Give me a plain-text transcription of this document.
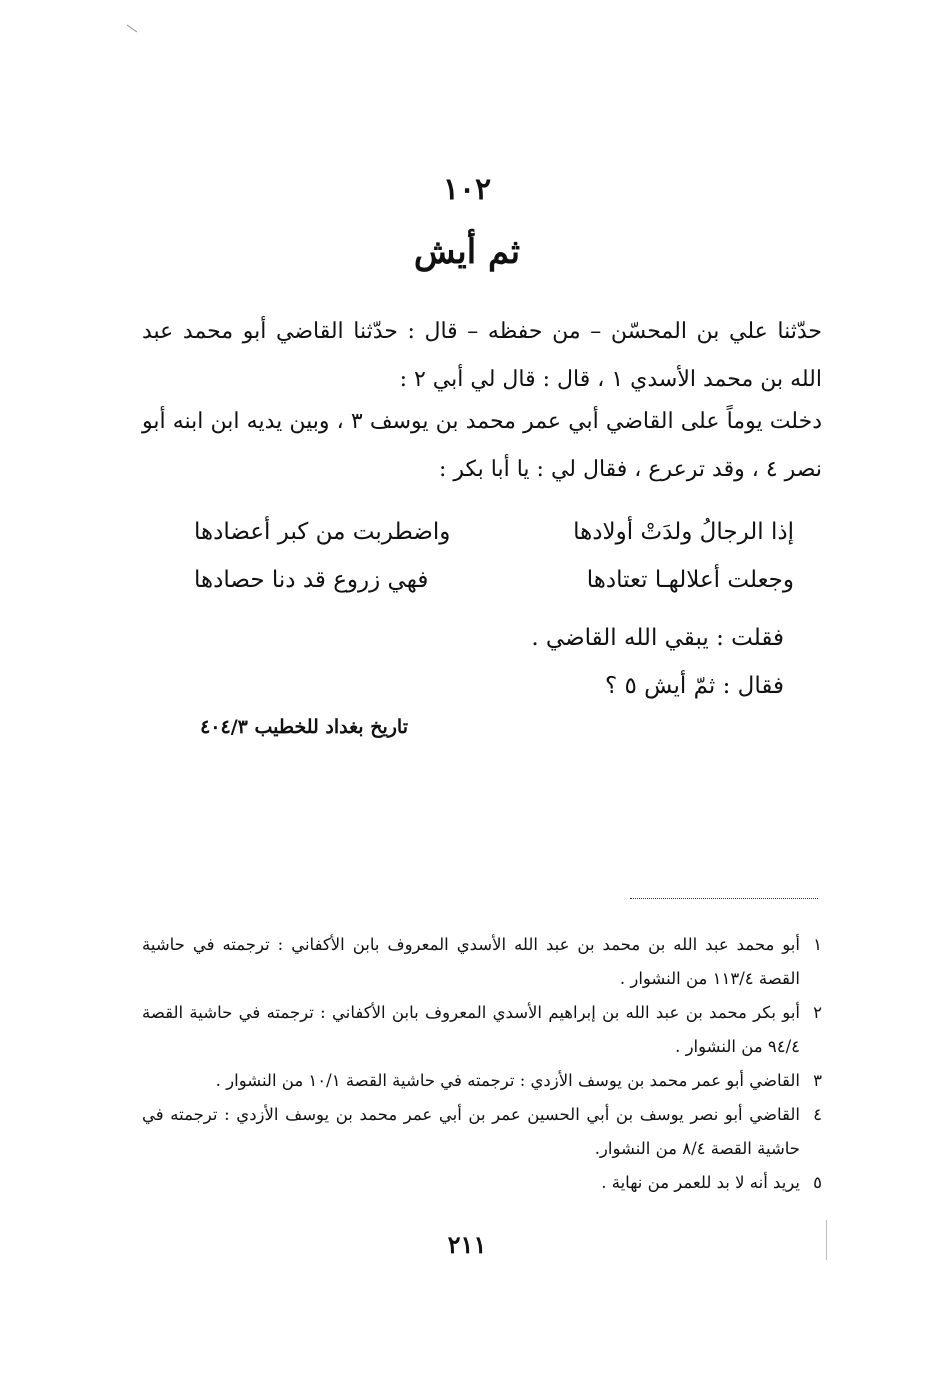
١٠٢
ثم أيش
حدّثنا علي بن المحسّن – من حفظه – قال : حدّثنا القاضي أبو محمد عبد الله بن محمد الأسدي ١ ، قال : قال لي أبي ٢ :
دخلت يوماً على القاضي أبي عمر محمد بن يوسف ٣ ، وبين يديه ابن ابنه أبو نصر ٤ ، وقد ترعرع ، فقال لي : يا أبا بكر :
إذا الرجالُ ولدَتْ أولادها
واضطربت من كبر أعضادها
وجعلت أعلالهـا تعتادها
فهي زروع قد دنا حصادها
فقلت : يبقي الله القاضي .
فقال : ثمّ أيش ٥ ؟
تاريخ بغداد للخطيب ٤٠٤/٣
١
أبو محمد عبد الله بن محمد بن عبد الله الأسدي المعروف بابن الأكفاني : ترجمته في حاشية القصة ١١٣/٤ من النشوار .
٢
أبو بكر محمد بن عبد الله بن إبراهيم الأسدي المعروف بابن الأكفاني : ترجمته في حاشية القصة ٩٤/٤ من النشوار .
٣
القاضي أبو عمر محمد بن يوسف الأزدي : ترجمته في حاشية القصة ١٠/١ من النشوار .
٤
القاضي أبو نصر يوسف بن أبي الحسين عمر بن أبي عمر محمد بن يوسف الأزدي : ترجمته في حاشية القصة ٨/٤ من النشوار.
٥
يريد أنه لا بد للعمر من نهاية .
٢١١
